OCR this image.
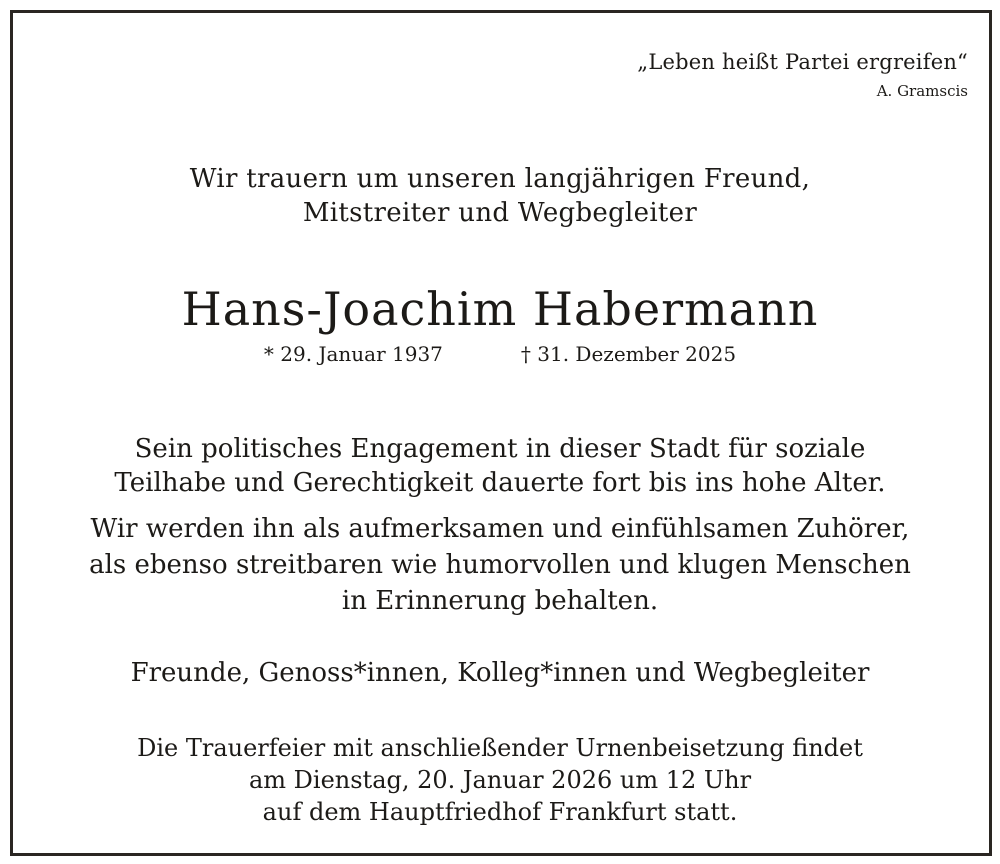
„Leben heißt Partei ergreifen“
A. Gramscis
Wir trauern um unseren langjährigen Freund,
Mitstreiter und Wegbegleiter
Hans-Joachim Habermann
* 29. Januar 1937	† 31. Dezember 2025
Sein politisches Engagement in dieser Stadt für soziale
Teilhabe und Gerechtigkeit dauerte fort bis ins hohe Alter.
Wir werden ihn als aufmerksamen und einfühlsamen Zuhörer,
als ebenso streitbaren wie humorvollen und klugen Menschen
in Erinnerung behalten.
Freunde, Genoss*innen, Kolleg*innen und Wegbegleiter
Die Trauerfeier mit anschließender Urnenbeisetzung findet
am Dienstag, 20. Januar 2026 um 12 Uhr
auf dem Hauptfriedhof Frankfurt statt.
